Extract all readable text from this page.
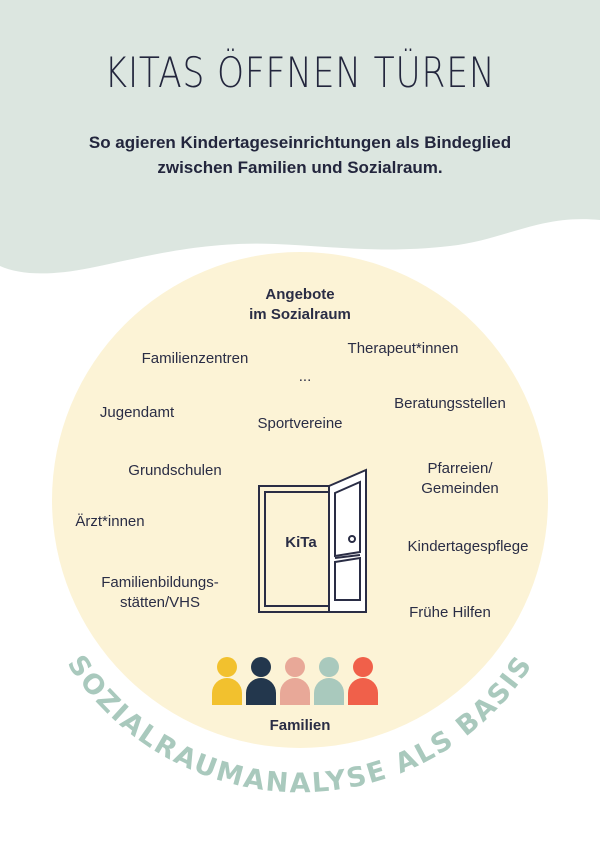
SOZIALRAUMANALYSE ALS BASIS
KITAS ÖFFNEN TÜREN
So agieren Kindertageseinrichtungen als Bindeglied
zwischen Familien und Sozialraum.
Angebote
im Sozialraum
Familienzentren
Therapeut*innen
...
Jugendamt
Sportvereine
Beratungsstellen
Grundschulen	Pfarreien/
Gemeinden
Ärzt*innen
Kindertagespflege
Familienbildungs-
stätten/VHS
Frühe Hilfen
KiTa
Familien
